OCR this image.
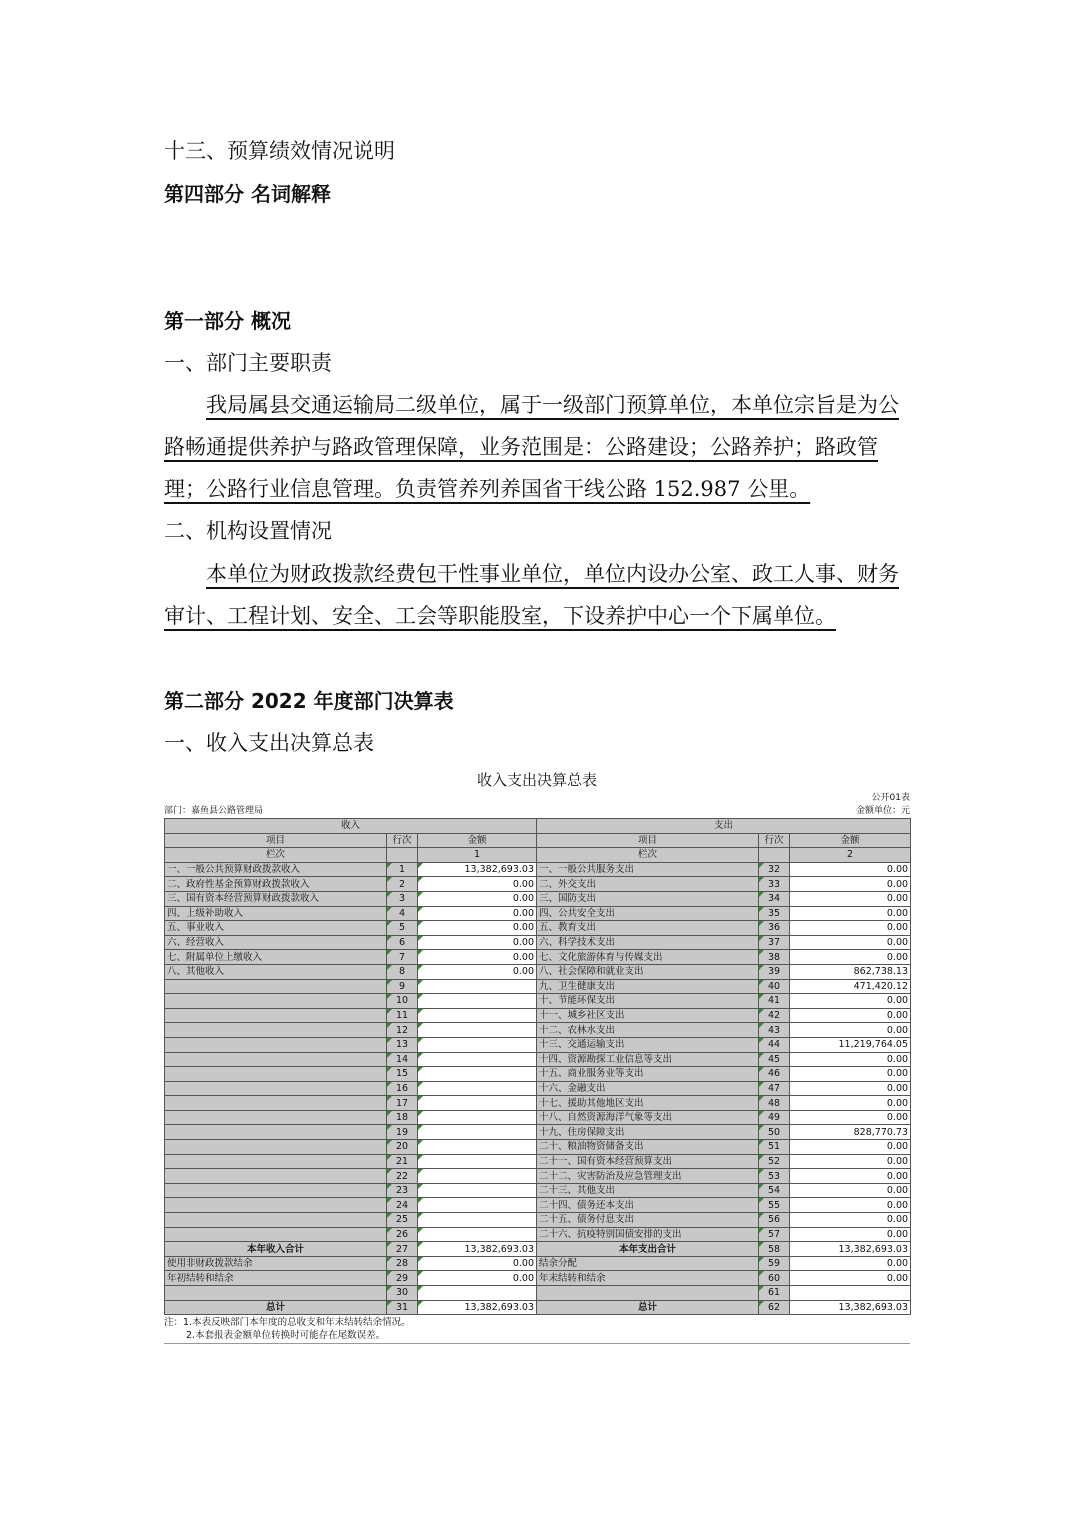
十三、预算绩效情况说明
第四部分 名词解释
第一部分 概况
一、部门主要职责
我局属县交通运输局二级单位，属于一级部门预算单位，本单位宗旨是为公路畅通提供养护与路政管理保障，业务范围是：公路建设；公路养护；路政管理；公路行业信息管理。负责管养列养国省干线公路 152.987 公里。
二、机构设置情况
本单位为财政拨款经费包干性事业单位，单位内设办公室、政工人事、财务审计、工程计划、安全、工会等职能股室，下设养护中心一个下属单位。
第二部分 2022 年度部门决算表
一、收入支出决算总表
收入支出决算总表
公开01表
部门：嘉鱼县公路管理局	金额单位：元
收入			支出		
项目	行次	金额	项目	行次	金额
栏次		1	栏次		2
一、一般公共预算财政拨款收入	1	13,382,693.03	一、一般公共服务支出	32	0.00
二、政府性基金预算财政拨款收入	2	0.00	二、外交支出	33	0.00
三、国有资本经营预算财政拨款收入	3	0.00	三、国防支出	34	0.00
四、上级补助收入	4	0.00	四、公共安全支出	35	0.00
五、事业收入	5	0.00	五、教育支出	36	0.00
六、经营收入	6	0.00	六、科学技术支出	37	0.00
七、附属单位上缴收入	7	0.00	七、文化旅游体育与传媒支出	38	0.00
八、其他收入	8	0.00	八、社会保障和就业支出	39	862,738.13
	9		九、卫生健康支出	40	471,420.12
	10		十、节能环保支出	41	0.00
	11		十一、城乡社区支出	42	0.00
	12		十二、农林水支出	43	0.00
	13		十三、交通运输支出	44	11,219,764.05
	14		十四、资源勘探工业信息等支出	45	0.00
	15		十五、商业服务业等支出	46	0.00
	16		十六、金融支出	47	0.00
	17		十七、援助其他地区支出	48	0.00
	18		十八、自然资源海洋气象等支出	49	0.00
	19		十九、住房保障支出	50	828,770.73
	20		二十、粮油物资储备支出	51	0.00
	21		二十一、国有资本经营预算支出	52	0.00
	22		二十二、灾害防治及应急管理支出	53	0.00
	23		二十三、其他支出	54	0.00
	24		二十四、债务还本支出	55	0.00
	25		二十五、债务付息支出	56	0.00
	26		二十六、抗疫特别国债安排的支出	57	0.00
本年收入合计	27	13,382,693.03	本年支出合计	58	13,382,693.03
使用非财政拨款结余	28	0.00	结余分配	59	0.00
年初结转和结余	29	0.00	年末结转和结余	60	0.00
	30			61	
总计	31	13,382,693.03	总计	62	13,382,693.03
注：1.本表反映部门本年度的总收支和年末结转结余情况。
2.本套报表金额单位转换时可能存在尾数误差。
